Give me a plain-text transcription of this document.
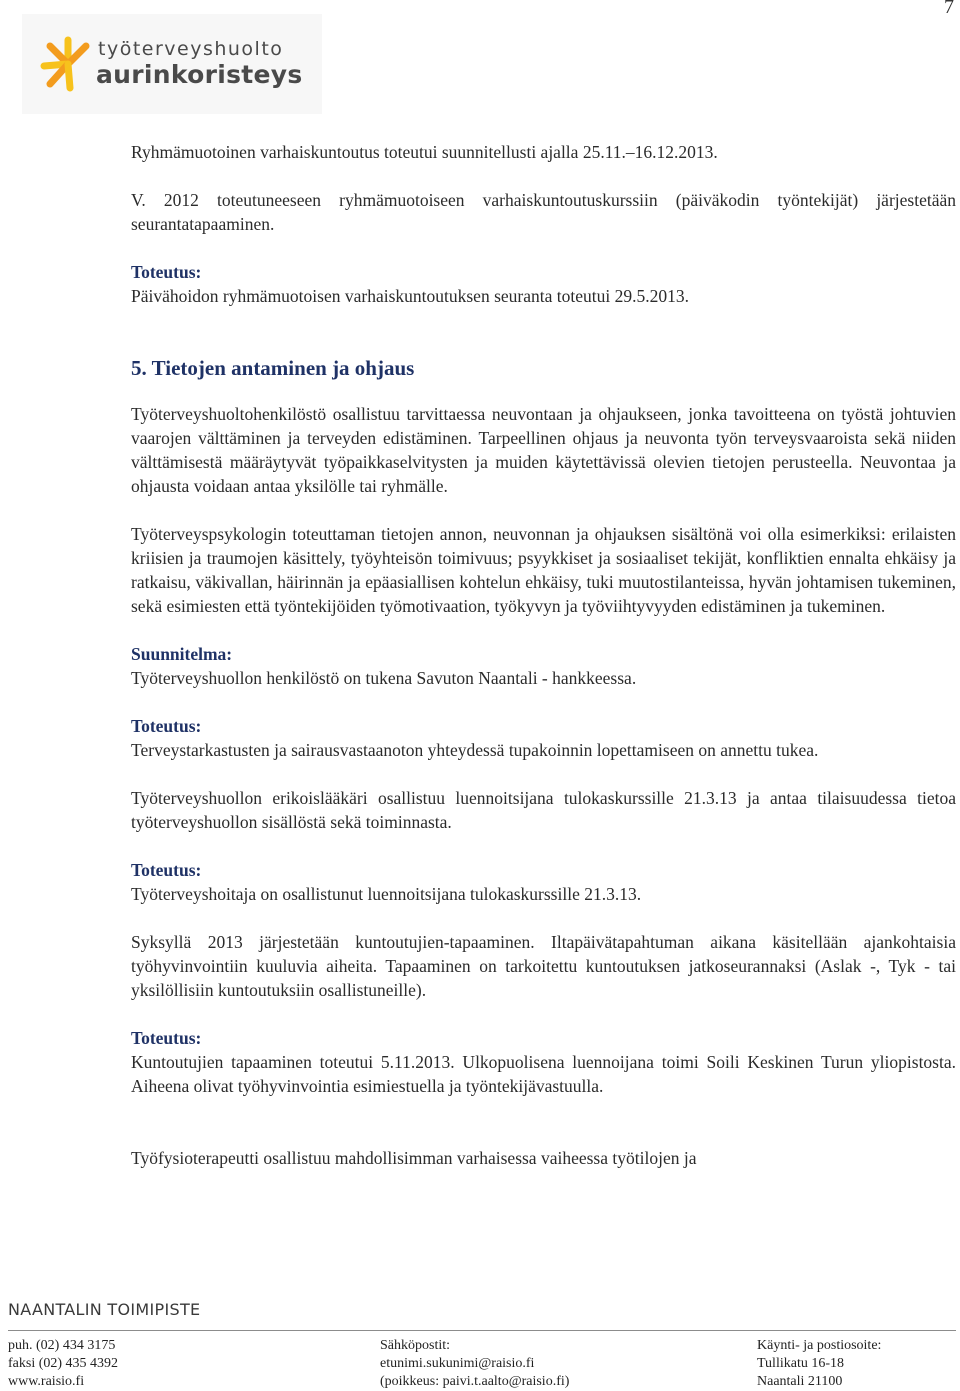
7
työterveyshuolto
aurinkoristeys

Ryhmämuotoinen varhaiskuntoutus toteutui suunnitellusti ajalla 25.11.–16.12.2013.

V. 2012 toteutuneeseen ryhmämuotoiseen varhaiskuntoutuskurssiin (päiväkodin työntekijät) järjestetään seurantatapaaminen.

Toteutus:

Päivähoidon ryhmämuotoisen varhaiskuntoutuksen seuranta toteutui 29.5.2013.

5. Tietojen antaminen ja ohjaus

Työterveyshuoltohenkilöstö osallistuu tarvittaessa neuvontaan ja ohjaukseen, jonka tavoitteena on työstä johtuvien vaarojen välttäminen ja terveyden edistäminen. Tarpeellinen ohjaus ja neuvonta työn terveysvaaroista sekä niiden välttämisestä määräytyvät työpaikkaselvitysten ja muiden käytettävissä olevien tietojen perusteella. Neuvontaa ja ohjausta voidaan antaa yksilölle tai ryhmälle.

Työterveyspsykologin toteuttaman tietojen annon, neuvonnan ja ohjauksen sisältönä voi olla esimerkiksi: erilaisten kriisien ja traumojen käsittely, työyhteisön toimivuus; psyykkiset ja sosiaaliset tekijät, konfliktien ennalta ehkäisy ja ratkaisu, väkivallan, häirinnän ja epäasiallisen kohtelun ehkäisy, tuki muutostilanteissa, hyvän johtamisen tukeminen, sekä esimiesten että työntekijöiden työmotivaation, työkyvyn ja työviihtyvyyden edistäminen ja tukeminen.

Suunnitelma:

Työterveyshuollon henkilöstö on tukena Savuton Naantali - hankkeessa.

Toteutus:

Terveystarkastusten ja sairausvastaanoton yhteydessä tupakoinnin lopettamiseen on annettu tukea.

Työterveyshuollon erikoislääkäri osallistuu luennoitsijana tulokaskurssille 21.3.13 ja antaa tilaisuudessa tietoa työterveyshuollon sisällöstä sekä toiminnasta.

Toteutus:

Työterveyshoitaja on osallistunut luennoitsijana tulokaskurssille 21.3.13.

Syksyllä 2013 järjestetään kuntoutujien-tapaaminen. Iltapäivätapahtuman aikana käsitellään ajankohtaisia työhyvinvointiin kuuluvia aiheita. Tapaaminen on tarkoitettu kuntoutuksen jatkoseurannaksi (Aslak -, Tyk - tai yksilöllisiin kuntoutuksiin osallistuneille).

Toteutus:

Kuntoutujien tapaaminen toteutui 5.11.2013. Ulkopuolisena luennoijana toimi Soili Keskinen Turun yliopistosta. Aiheena olivat työhyvinvointia esimiestuella ja työntekijävastuulla.

Työfysioterapeutti osallistuu mahdollisimman varhaisessa vaiheessa työtilojen ja

NAANTALIN TOIMIPISTE
puh. (02) 434 3175
faksi (02) 435 4392
www.raisio.fi
Sähköpostit:
etunimi.sukunimi@raisio.fi
(poikkeus: paivi.t.aalto@raisio.fi)
Käynti- ja postiosoite:
Tullikatu 16-18
Naantali 21100
